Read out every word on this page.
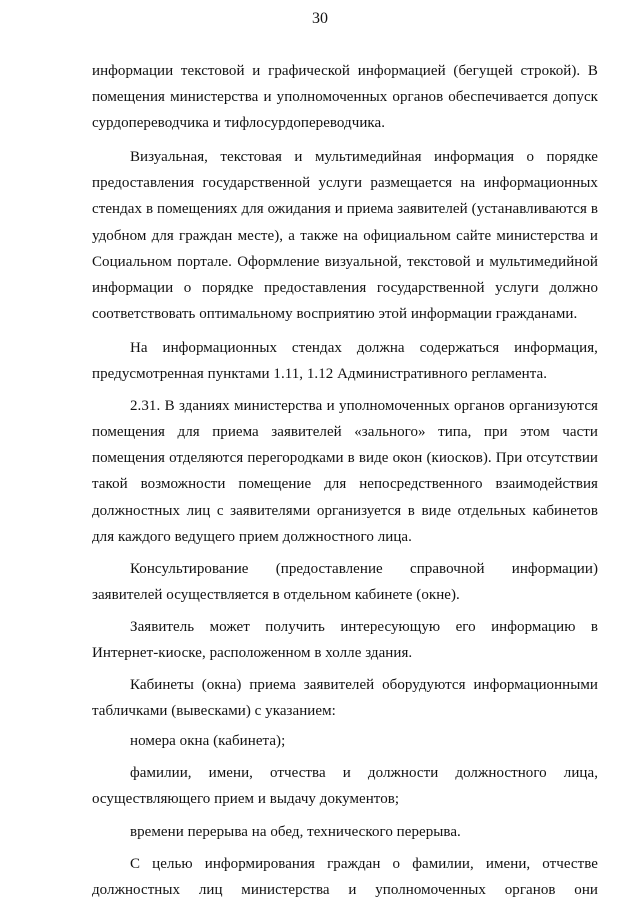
30

информации текстовой и графической информацией (бегущей строкой). В помещения министерства и уполномоченных органов обеспечивается допуск сурдопереводчика и тифлосурдопереводчика.

Визуальная, текстовая и мультимедийная информация о порядке предоставления государственной услуги размещается на информационных стендах в помещениях для ожидания и приема заявителей (устанавливаются в удобном для граждан месте), а также на официальном сайте министерства и Социальном портале. Оформление визуальной, текстовой и мультимедийной информации о порядке предоставления государственной услуги должно соответствовать оптимальному восприятию этой информации гражданами.

На информационных стендах должна содержаться информация, предусмотренная пунктами 1.11, 1.12 Административного регламента.

2.31. В зданиях министерства и уполномоченных органов организуются помещения для приема заявителей «зального» типа, при этом части помещения отделяются перегородками в виде окон (киосков). При отсутствии такой возможности помещение для непосредственного взаимодействия должностных лиц с заявителями организуется в виде отдельных кабинетов для каждого ведущего прием должностного лица.

Консультирование (предоставление справочной информации) заявителей осуществляется в отдельном кабинете (окне).

Заявитель может получить интересующую его информацию в Интернет-киоске, расположенном в холле здания.

Кабинеты (окна) приема заявителей оборудуются информационными табличками (вывесками) с указанием:

номера окна (кабинета);

фамилии, имени, отчества и должности должностного лица, осуществляющего прием и выдачу документов;

времени перерыва на обед, технического перерыва.

С целью информирования граждан о фамилии, имени, отчестве должностных лиц министерства и уполномоченных органов они
